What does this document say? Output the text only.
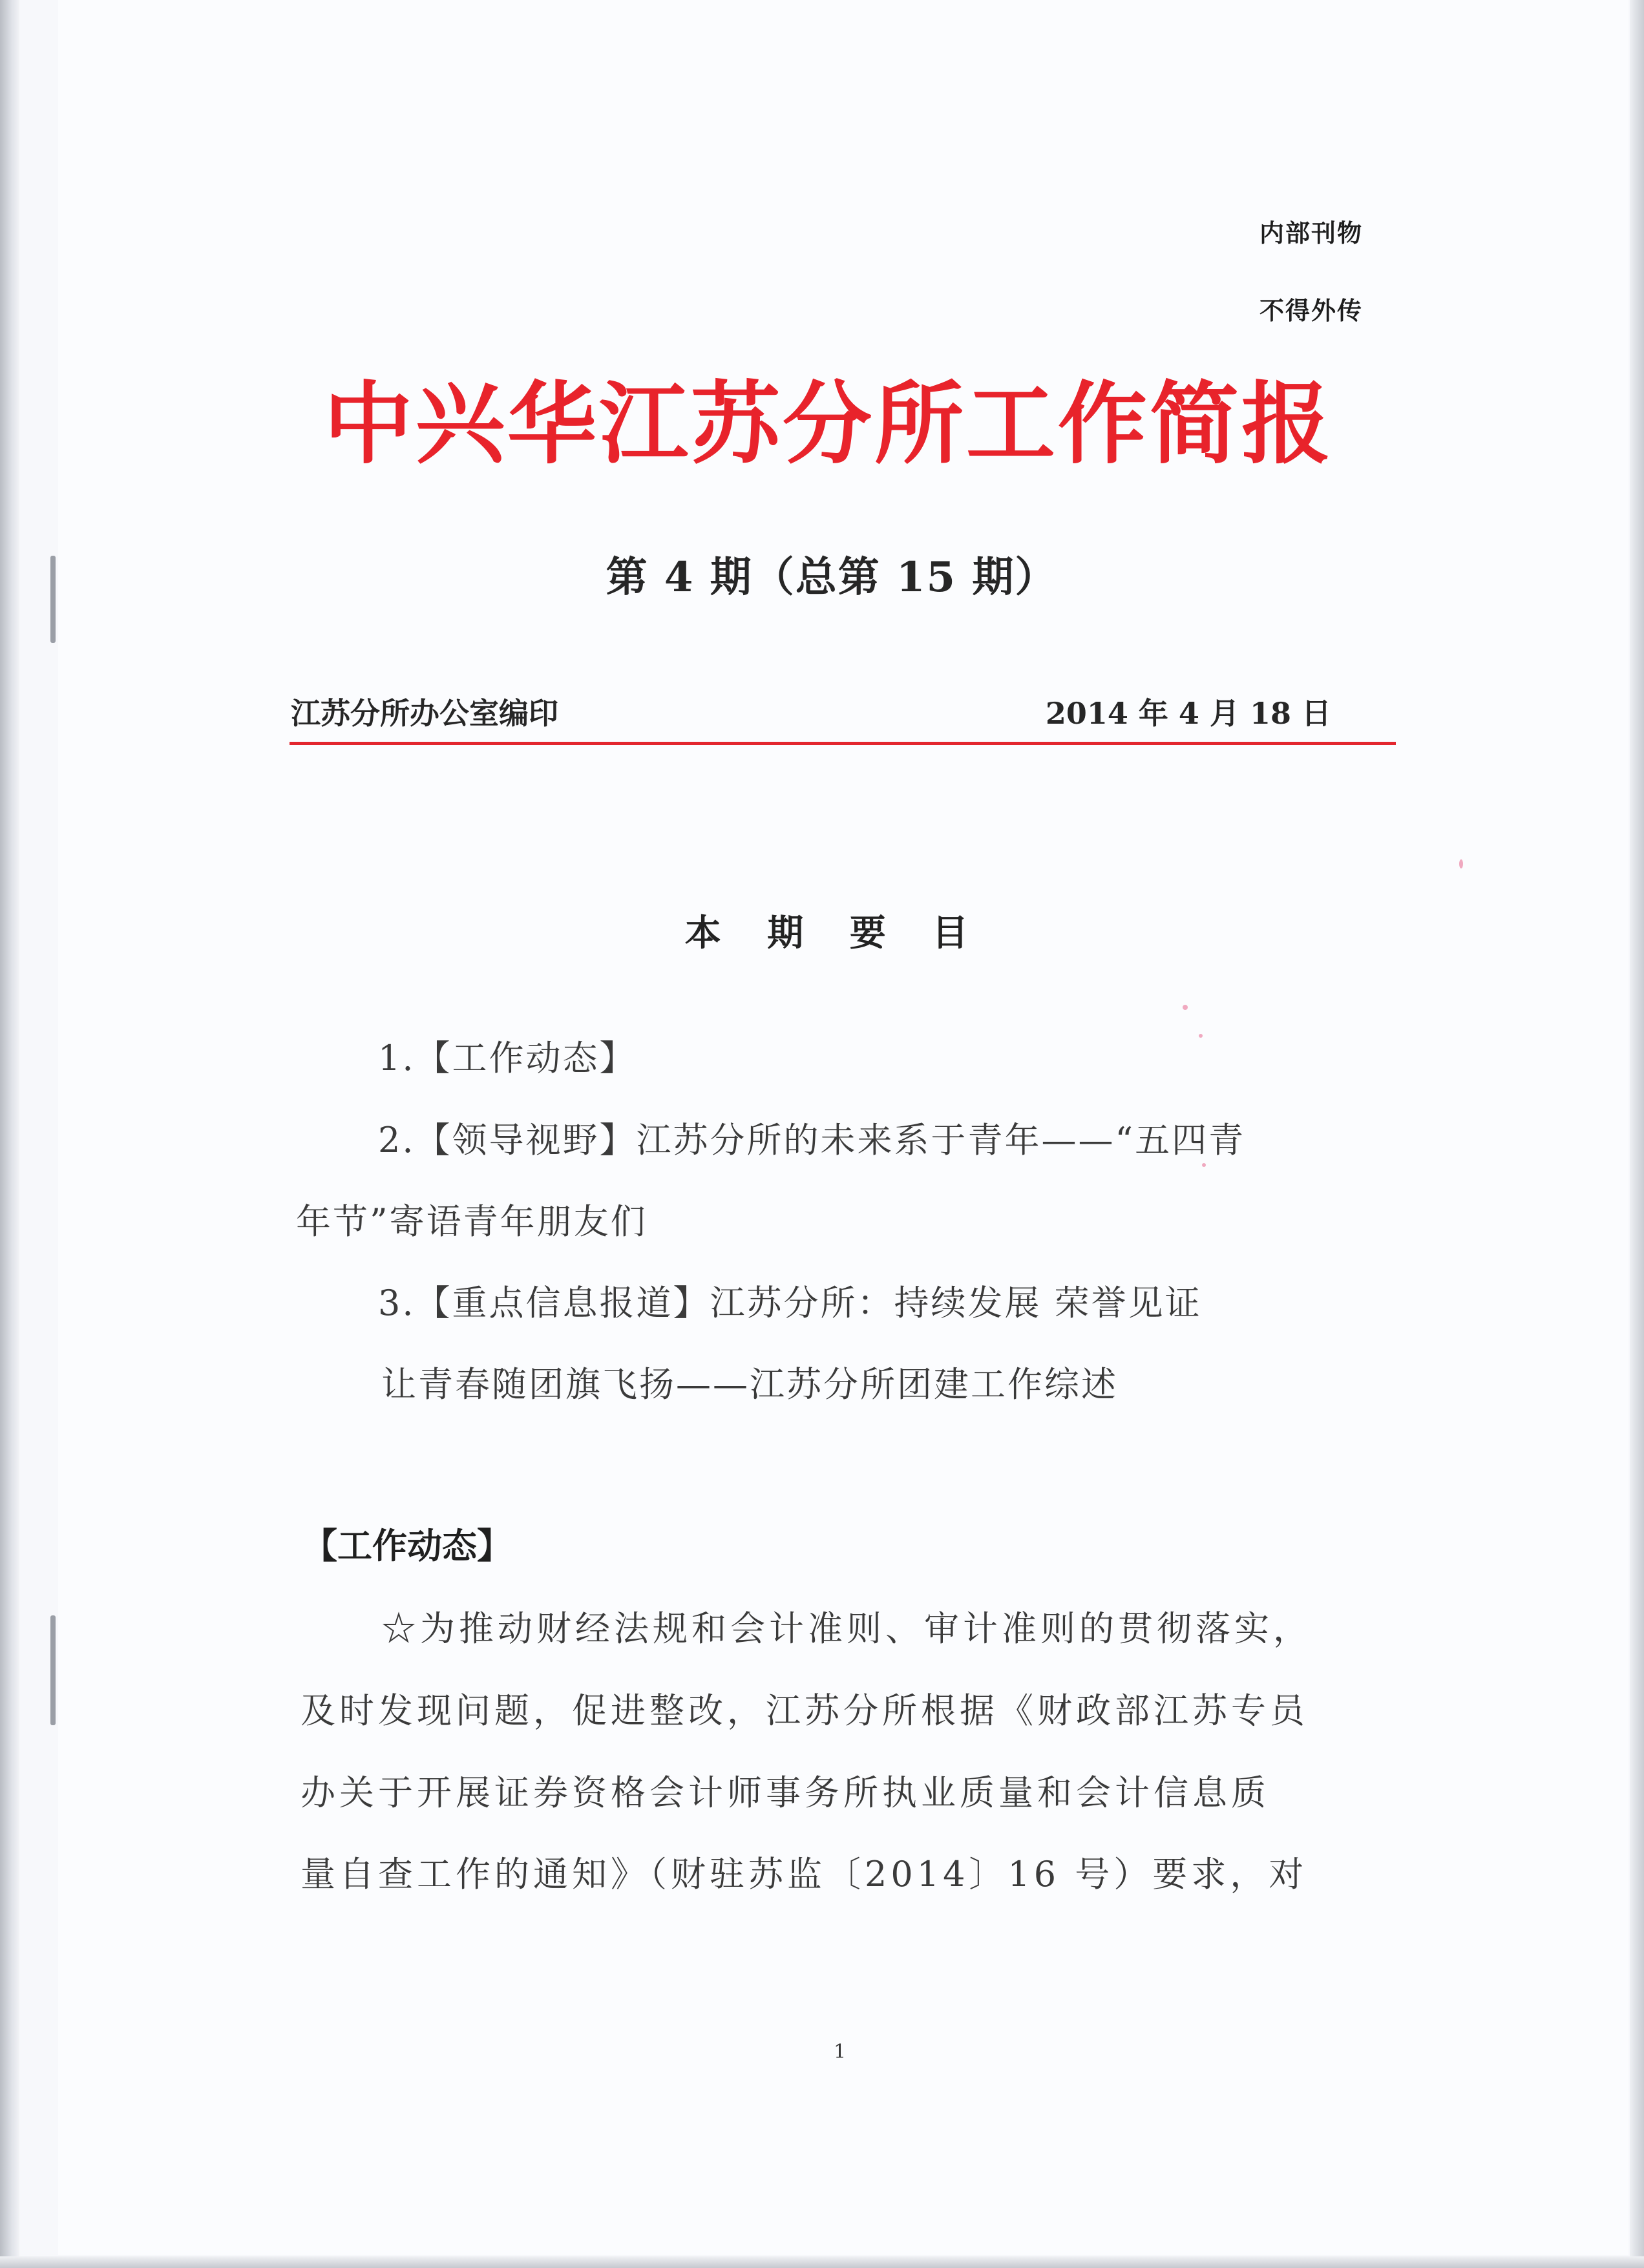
内部刊物
不得外传
中兴华江苏分所工作简报
第 4 期（总第 15 期）
江苏分所办公室编印	2014 年 4 月 18 日
本 期 要 目
1.【工作动态】
2.【领导视野】江苏分所的未来系于青年——“五四青
年节”寄语青年朋友们
3.【重点信息报道】江苏分所：持续发展 荣誉见证
让青春随团旗飞扬——江苏分所团建工作综述
【工作动态】
☆为推动财经法规和会计准则、审计准则的贯彻落实，
及时发现问题，促进整改，江苏分所根据《财政部江苏专员
办关于开展证券资格会计师事务所执业质量和会计信息质
量自查工作的通知》（财驻苏监〔2014〕16 号）要求，对
1
